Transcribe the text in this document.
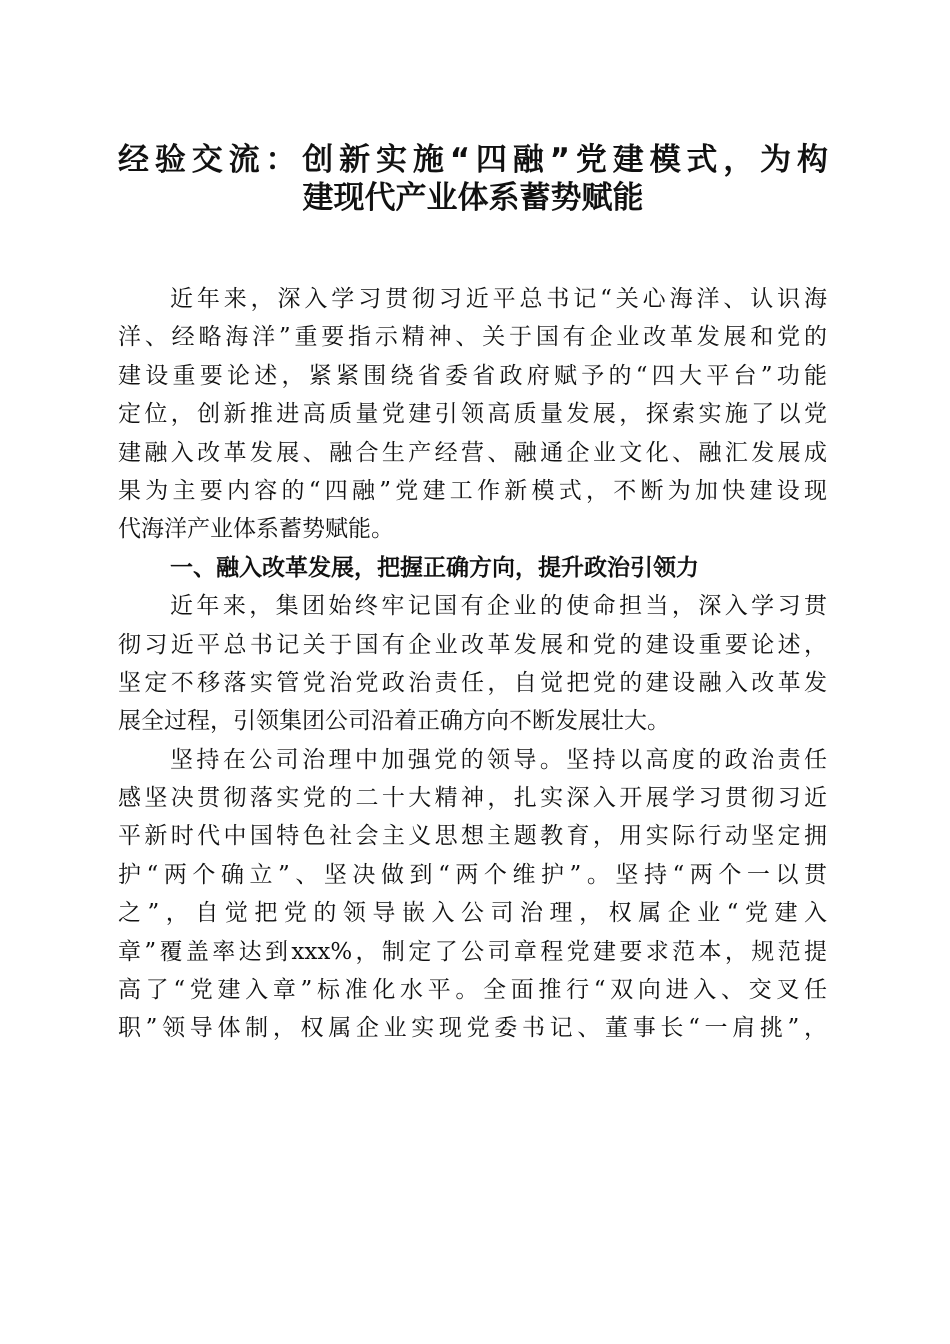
经验交流：创新实施“四融”党建模式，为构
建现代产业体系蓄势赋能
近年来，深入学习贯彻习近平总书记“关心海洋、认识海
洋、经略海洋”重要指示精神、关于国有企业改革发展和党的
建设重要论述，紧紧围绕省委省政府赋予的“四大平台”功能
定位，创新推进高质量党建引领高质量发展，探索实施了以党
建融入改革发展、融合生产经营、融通企业文化、融汇发展成
果为主要内容的“四融”党建工作新模式，不断为加快建设现
代海洋产业体系蓄势赋能。
一、融入改革发展，把握正确方向，提升政治引领力
近年来，集团始终牢记国有企业的使命担当，深入学习贯
彻习近平总书记关于国有企业改革发展和党的建设重要论述，
坚定不移落实管党治党政治责任，自觉把党的建设融入改革发
展全过程，引领集团公司沿着正确方向不断发展壮大。
坚持在公司治理中加强党的领导。坚持以高度的政治责任
感坚决贯彻落实党的二十大精神，扎实深入开展学习贯彻习近
平新时代中国特色社会主义思想主题教育，用实际行动坚定拥
护“两个确立”、坚决做到“两个维护”。坚持“两个一以贯
之”，自觉把党的领导嵌入公司治理，权属企业“党建入
章”覆盖率达到xxx%，制定了公司章程党建要求范本，规范提
高了“党建入章”标准化水平。全面推行“双向进入、交叉任
职”领导体制，权属企业实现党委书记、董事长“一肩挑”，
